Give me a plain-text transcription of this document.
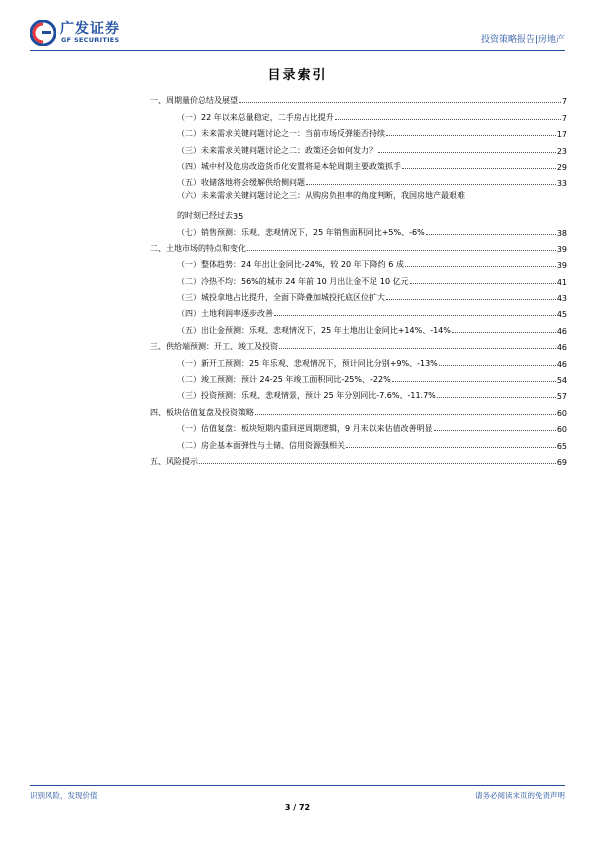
广发证券
GF SECURITIES	投资策略报告|房地产
目录索引
一、周期量价总结及展望	7
（一）22 年以来总量稳定，二手房占比提升	7
（二）未来需求关键问题讨论之一：当前市场反弹能否持续	17
（三）未来需求关键问题讨论之二：政策还会如何发力？	23
（四）城中村及危房改造货币化安置将是本轮周期主要政策抓手	29
（五）收储落地将会缓解供给侧问题	33
（六）未来需求关键问题讨论之三：从购房负担率的角度判断，我国房地产最艰难
的时刻已经过去 35
（七）销售预测：乐观、悲观情况下，25 年销售面积同比+5%、-6%	38
二、土地市场的特点和变化	39
（一）整体趋势：24 年出让金同比-24%，较 20 年下降约 6 成	39
（二）冷热不均：56%的城市 24 年前 10 月出让金不足 10 亿元	41
（三）城投拿地占比提升，全面下降叠加城投托底区位扩大	43
（四）土地利润率逐步改善	45
（五）出让金预测：乐观、悲观情况下，25 年土地出让金同比+14%、-14%	46
三、供给端预测：开工、竣工及投资	46
（一）新开工预测：25 年乐观、悲观情况下，预计同比分别+9%、-13%	46
（二）竣工预测：预计 24-25 年竣工面积同比-25%、-22%	54
（三）投资预测：乐观、悲观情景，预计 25 年分别同比-7.6%、-11.7%	57
四、板块估值复盘及投资策略	60
（一）估值复盘：板块短期内重回逆周期逻辑，9 月末以来估值改善明显	60
（二）房企基本面弹性与土储、信用资源强相关	65
五、风险提示	69
识别风险，发现价值	请务必阅读末页的免责声明
3 / 72
